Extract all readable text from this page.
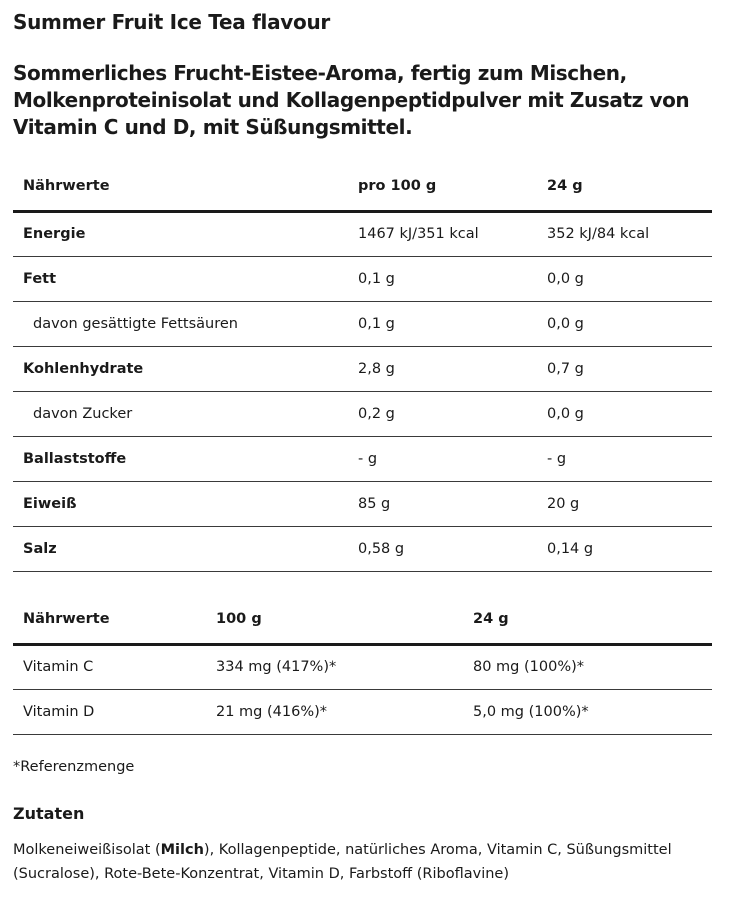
Summer Fruit Ice Tea flavour
Sommerliches Frucht-Eistee-Aroma, fertig zum Mischen, Molkenproteinisolat und Kollagenpeptidpulver mit Zusatz von Vitamin C und D, mit Süßungsmittel.
Nährwerte	pro 100 g	24 g
Energie	1467 kJ/351 kcal	352 kJ/84 kcal
Fett	0,1 g	0,0 g
davon gesättigte Fettsäuren	0,1 g	0,0 g
Kohlenhydrate	2,8 g	0,7 g
davon Zucker	0,2 g	0,0 g
Ballaststoffe	- g	- g
Eiweiß	85 g	20 g
Salz	0,58 g	0,14 g
Nährwerte	100 g	24 g
Vitamin C	334 mg (417%)*	80 mg (100%)*
Vitamin D	21 mg (416%)*	5,0 mg (100%)*

*Referenzmenge

Zutaten

Molkeneiweißisolat (Milch), Kollagenpeptide, natürliches Aroma, Vitamin C, Süßungsmittel (Sucralose), Rote-Bete-Konzentrat, Vitamin D, Farbstoff (Riboflavine)
